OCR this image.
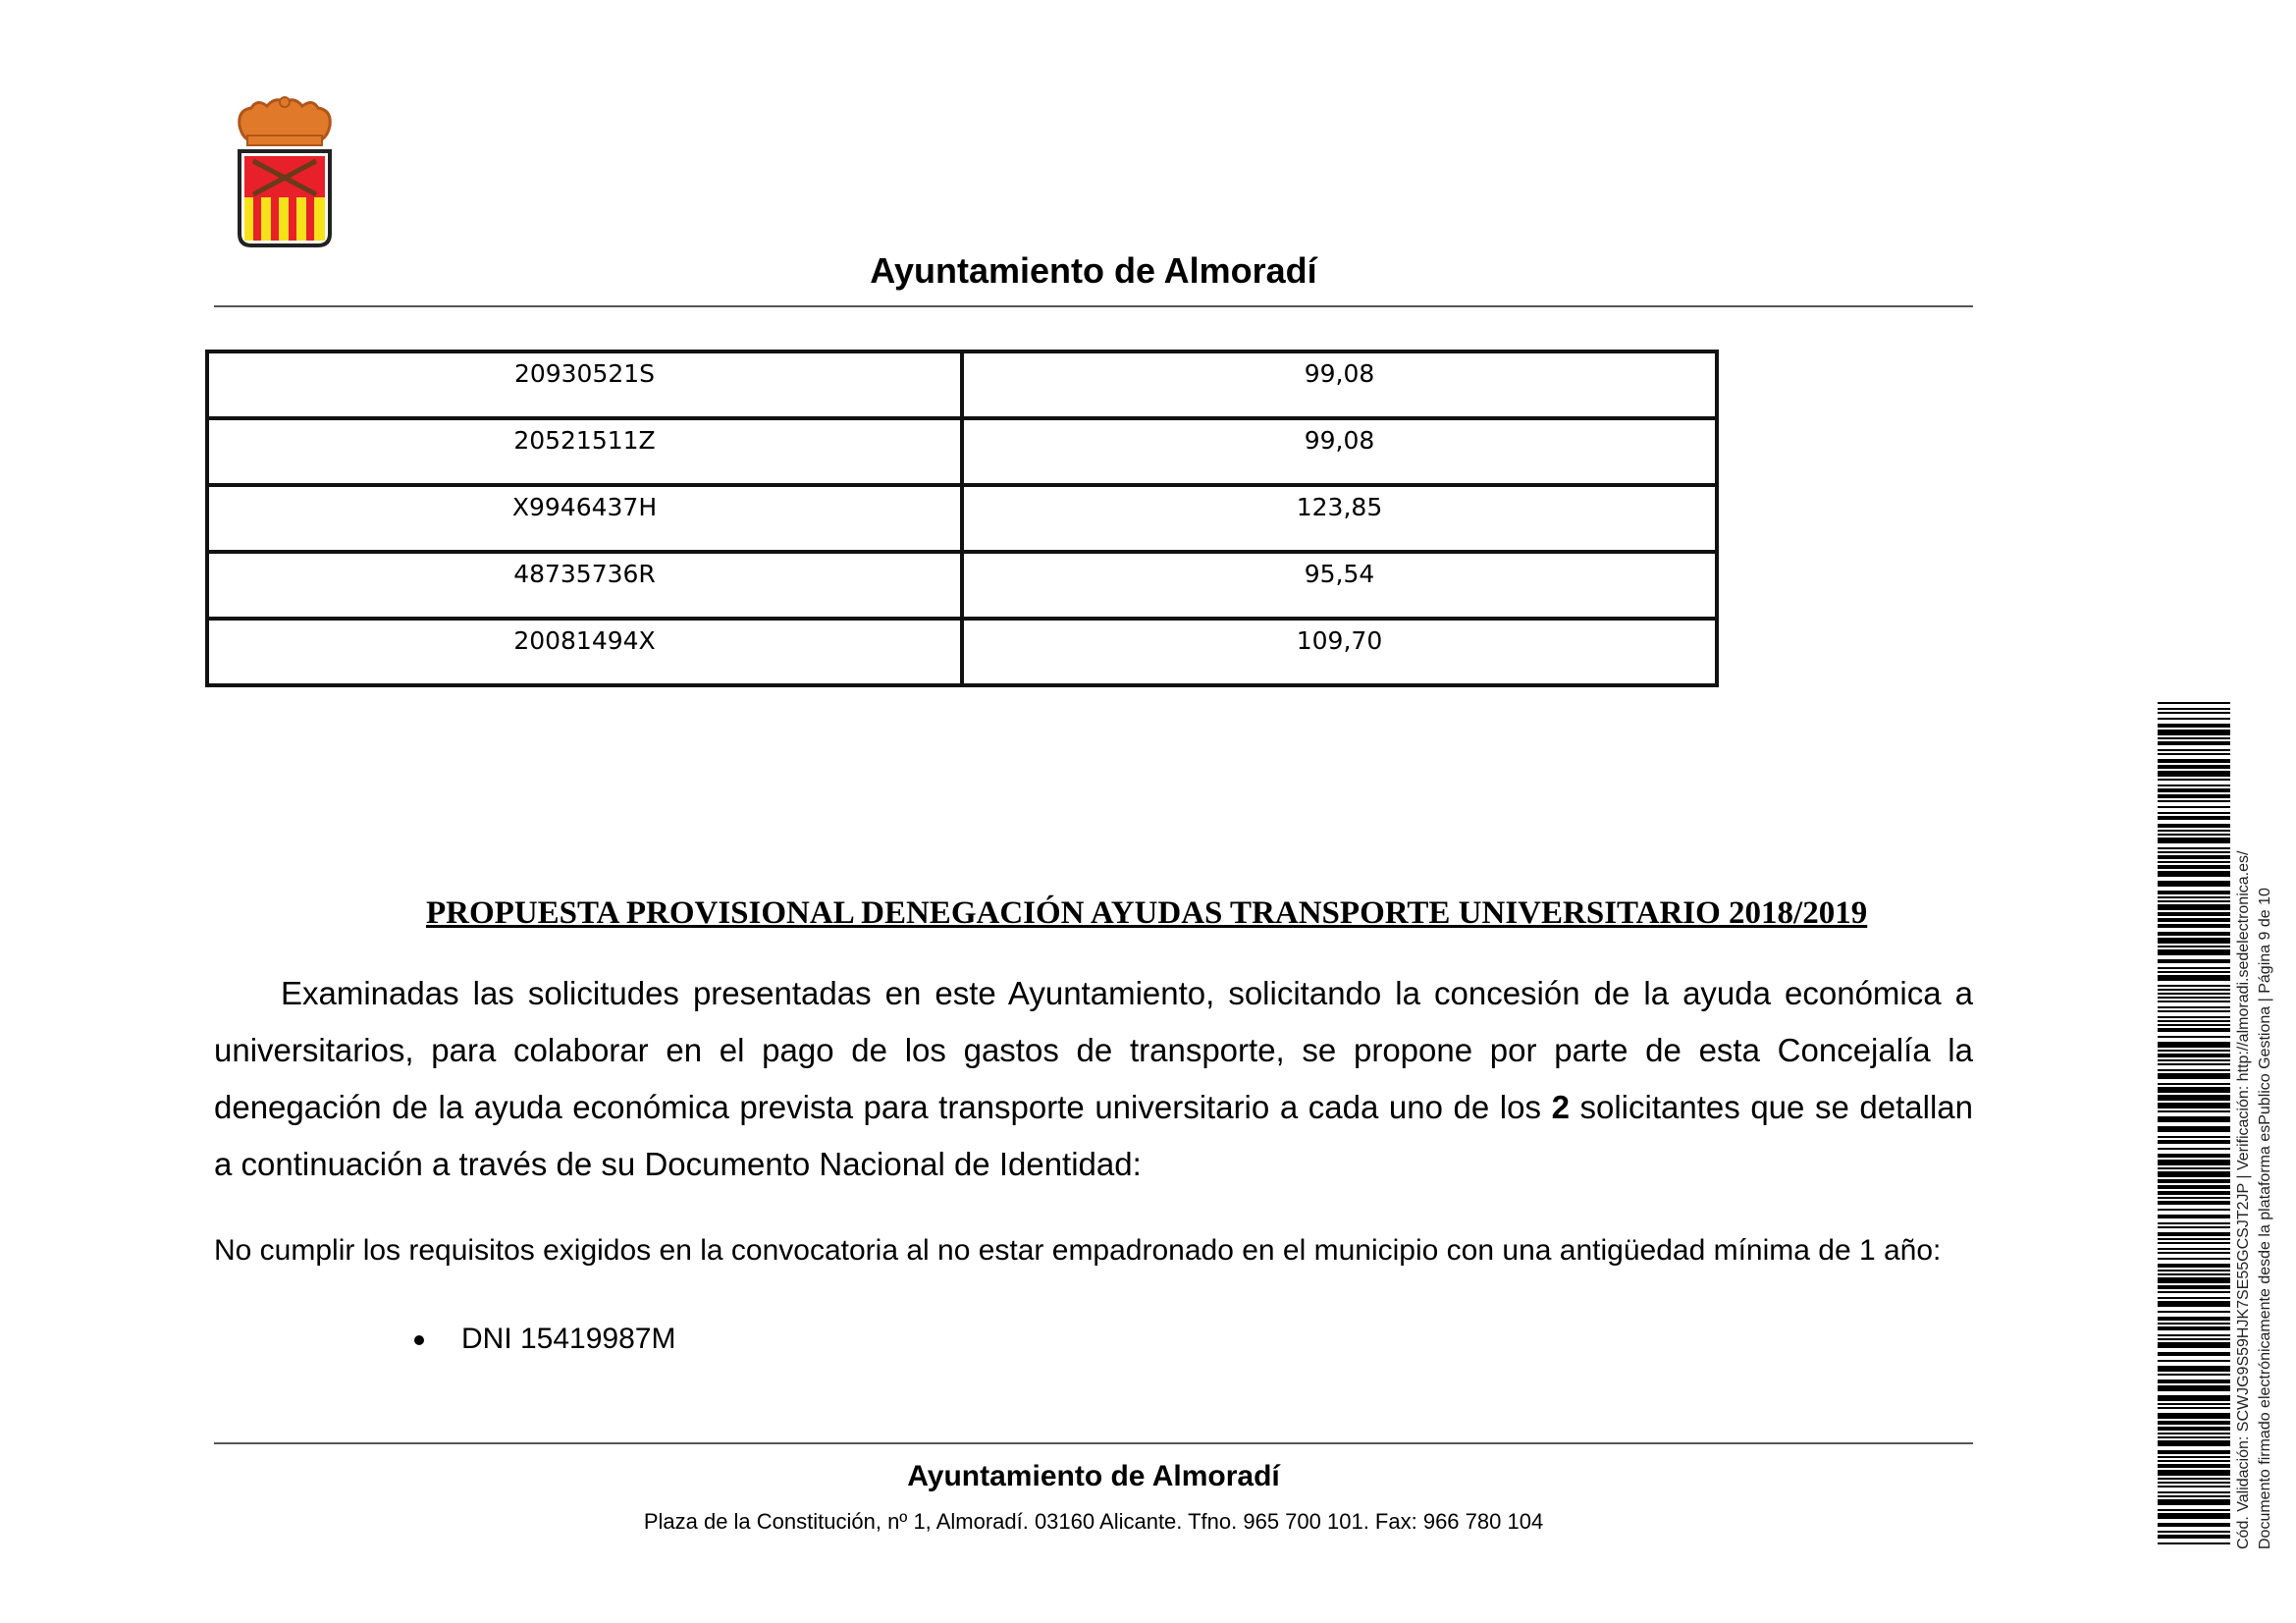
Ayuntamiento de Almoradí
20930521S	99,08
20521511Z	99,08
X9946437H	123,85
48735736R	95,54
20081494X	109,70
PROPUESTA PROVISIONAL DENEGACIÓN AYUDAS TRANSPORTE UNIVERSITARIO 2018/2019
Examinadas las solicitudes presentadas en este Ayuntamiento, solicitando la concesión de la ayuda económica a universitarios, para colaborar en el pago de los gastos de transporte, se propone por parte de esta Concejalía la denegación de la ayuda económica prevista para transporte universitario a cada uno de los 2 solicitantes que se detallan a continuación a través de su Documento Nacional de Identidad:
No cumplir los requisitos exigidos en la convocatoria al no estar empadronado en el municipio con una antigüedad mínima de 1 año:
DNI 15419987M
Ayuntamiento de Almoradí
Plaza de la Constitución, nº 1, Almoradí. 03160 Alicante. Tfno. 965 700 101. Fax: 966 780 104	Cód. Validación: SCWJG9S59HJK7SE55GCSJT2JP | Verificación: http://almoradi.sedelectronica.es/ Documento firmado electrónicamente desde la plataforma esPublico Gestiona | Página 9 de 10
